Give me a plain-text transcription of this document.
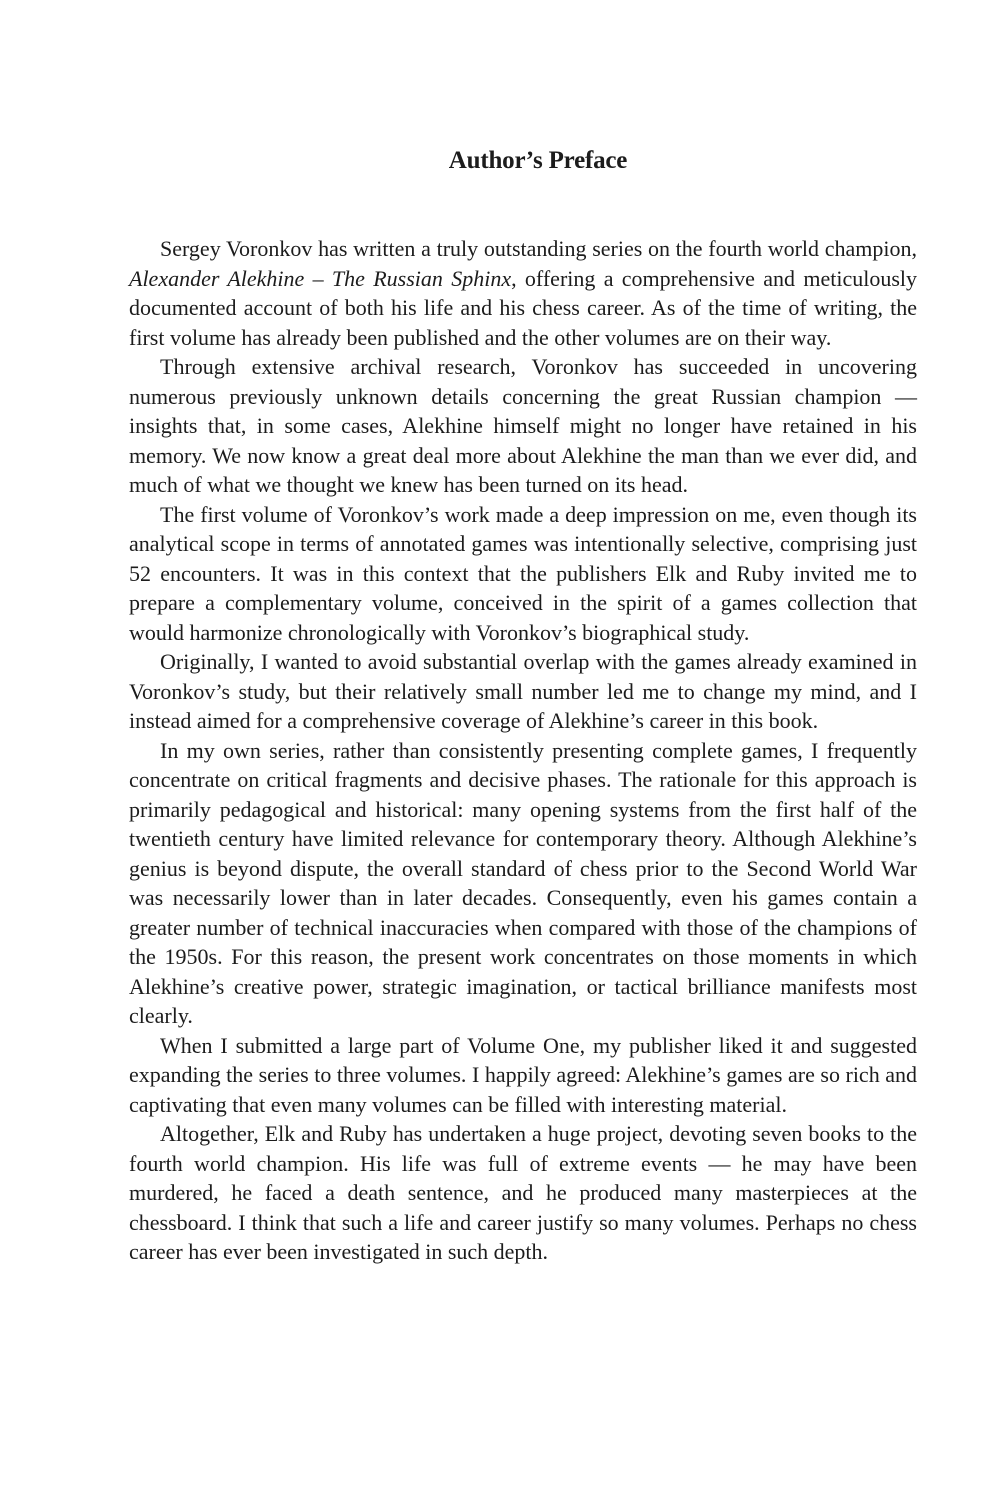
Author’s Preface

Sergey Voronkov has written a truly outstanding series on the fourth world champion, Alexander Alekhine – The Russian Sphinx, offering a comprehensive and meticulously documented account of both his life and his chess career. As of the time of writing, the first volume has already been published and the other volumes are on their way.

Through extensive archival research, Voronkov has succeeded in uncovering numerous previously unknown details concerning the great Russian champion — insights that, in some cases, Alekhine himself might no longer have retained in his memory. We now know a great deal more about Alekhine the man than we ever did, and much of what we thought we knew has been turned on its head.

The first volume of Voronkov’s work made a deep impression on me, even though its analytical scope in terms of annotated games was intentionally selective, comprising just 52 encounters. It was in this context that the publishers Elk and Ruby invited me to prepare a complementary volume, conceived in the spirit of a games collection that would harmonize chronologically with Voronkov’s biographical study.

Originally, I wanted to avoid substantial overlap with the games already examined in Voronkov’s study, but their relatively small number led me to change my mind, and I instead aimed for a comprehensive coverage of Alekhine’s career in this book.

In my own series, rather than consistently presenting complete games, I frequently concentrate on critical fragments and decisive phases. The rationale for this approach is primarily pedagogical and historical: many opening systems from the first half of the twentieth century have limited relevance for contemporary theory. Although Alekhine’s genius is beyond dispute, the overall standard of chess prior to the Second World War was necessarily lower than in later decades. Consequently, even his games contain a greater number of technical inaccuracies when compared with those of the champions of the 1950s. For this reason, the present work concentrates on those moments in which Alekhine’s creative power, strategic imagination, or tactical brilliance manifests most clearly.

When I submitted a large part of Volume One, my publisher liked it and suggested expanding the series to three volumes. I happily agreed: Alekhine’s games are so rich and captivating that even many volumes can be filled with interesting material.

Altogether, Elk and Ruby has undertaken a huge project, devoting seven books to the fourth world champion. His life was full of extreme events — he may have been murdered, he faced a death sentence, and he produced many masterpieces at the chessboard. I think that such a life and career justify so many volumes. Perhaps no chess career has ever been investigated in such depth.
